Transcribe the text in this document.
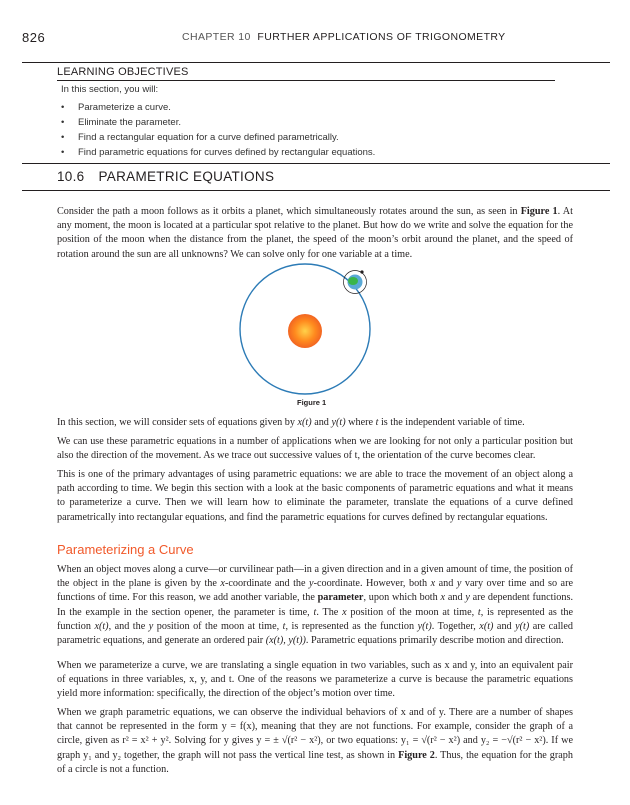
826	CHAPTER 10 FURTHER APPLICATIONS OF TRIGONOMETRY
LEARNING OBJECTIVES
In this section, you will:
• Parameterize a curve.
• Eliminate the parameter.
• Find a rectangular equation for a curve defined parametrically.
• Find parametric equations for curves defined by rectangular equations.
10.6 PARAMETRIC EQUATIONS

Consider the path a moon follows as it orbits a planet, which simultaneously rotates around the sun, as seen in Figure 1. At any moment, the moon is located at a particular spot relative to the planet. But how do we write and solve the equation for the position of the moon when the distance from the planet, the speed of the moon’s orbit around the planet, and the speed of rotation around the sun are all unknowns? We can solve only for one variable at a time.

Figure 1

In this section, we will consider sets of equations given by x(t) and y(t) where t is the independent variable of time.

We can use these parametric equations in a number of applications when we are looking for not only a particular position but also the direction of the movement. As we trace out successive values of t, the orientation of the curve becomes clear.

This is one of the primary advantages of using parametric equations: we are able to trace the movement of an object along a path according to time. We begin this section with a look at the basic components of parametric equations and what it means to parameterize a curve. Then we will learn how to eliminate the parameter, translate the equations of a curve defined parametrically into rectangular equations, and find the parametric equations for curves defined by rectangular equations.

Parameterizing a Curve

When an object moves along a curve—or curvilinear path—in a given direction and in a given amount of time, the position of the object in the plane is given by the x-coordinate and the y-coordinate. However, both x and y vary over time and so are functions of time. For this reason, we add another variable, the parameter, upon which both x and y are dependent functions. In the example in the section opener, the parameter is time, t. The x position of the moon at time, t, is represented as the function x(t), and the y position of the moon at time, t, is represented as the function y(t). Together, x(t) and y(t) are called parametric equations, and generate an ordered pair (x(t), y(t)). Parametric equations primarily describe motion and direction.

When we parameterize a curve, we are translating a single equation in two variables, such as x and y, into an equivalent pair of equations in three variables, x, y, and t. One of the reasons we parameterize a curve is because the parametric equations yield more information: specifically, the direction of the object’s motion over time.

When we graph parametric equations, we can observe the individual behaviors of x and of y. There are a number of shapes that cannot be represented in the form y = f(x), meaning that they are not functions. For example, consider the graph of a circle, given as r² = x² + y². Solving for y gives y = ± √(r² − x²), or two equations: y₁ = √(r² − x²) and y₂ = −√(r² − x²). If we graph y₁ and y₂ together, the graph will not pass the vertical line test, as shown in Figure 2. Thus, the equation for the graph of a circle is not a function.
